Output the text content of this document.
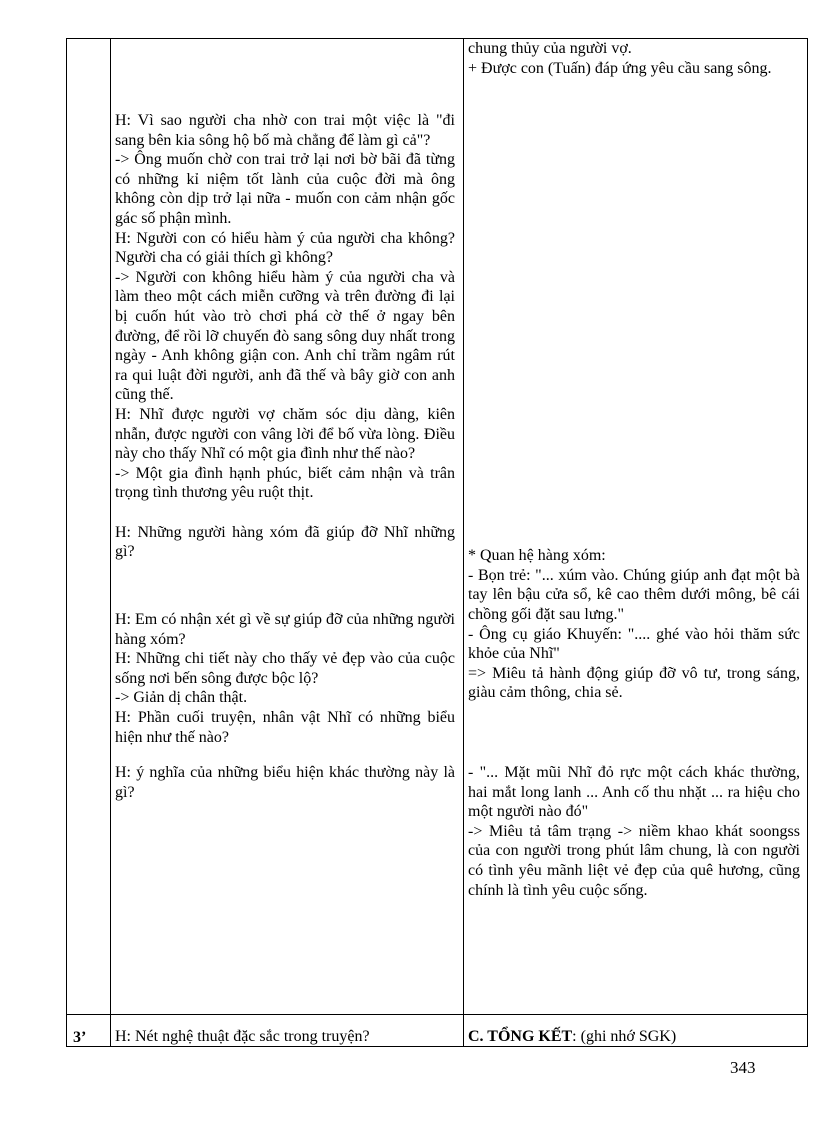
H: Vì sao người cha nhờ con trai một việc là "đi sang bên kia sông hộ bố mà chẳng để làm gì cả"?
-> Ông muốn chờ con trai trở lại nơi bờ bãi đã từng có những kỉ niệm tốt lành của cuộc đời mà ông không còn dịp trở lại nữa - muốn con cảm nhận gốc gác số phận mình.
H: Người con có hiểu hàm ý của người cha không? Người cha có giải thích gì không?
-> Người con không hiểu hàm ý của người cha và làm theo một cách miễn cưỡng và trên đường đi lại bị cuốn hút vào trò chơi phá cờ thế ở ngay bên đường, để rồi lỡ chuyến đò sang sông duy nhất trong ngày - Anh không giận con. Anh chỉ trầm ngâm rút ra qui luật đời người, anh đã thế và bây giờ con anh cũng thế.
H: Nhĩ được người vợ chăm sóc dịu dàng, kiên nhẫn, được người con vâng lời để bố vừa lòng. Điều này cho thấy Nhĩ có một gia đình như thế nào?
-> Một gia đình hạnh phúc, biết cảm nhận và trân trọng tình thương yêu ruột thịt.
H: Những người hàng xóm đã giúp đỡ Nhĩ những gì?
H: Em có nhận xét gì về sự giúp đỡ của những người hàng xóm?
H: Những chi tiết này cho thấy vẻ đẹp vào của cuộc sống nơi bến sông được bộc lộ?
-> Giản dị chân thật.
H: Phần cuối truyện, nhân vật Nhĩ có những biểu hiện như thế nào?
H: ý nghĩa của những biểu hiện khác thường này là gì?
chung thủy của người vợ.
+ Được con (Tuấn) đáp ứng yêu cầu sang sông.
* Quan hệ hàng xóm:
- Bọn trẻ: "... xúm vào. Chúng giúp anh đạt một bà tay lên bậu cửa sổ, kê cao thêm dưới mông, bê cái chồng gối đặt sau lưng."
- Ông cụ giáo Khuyến: ".... ghé vào hỏi thăm sức khỏe của Nhĩ"
=> Miêu tả hành động giúp đỡ vô tư, trong sáng, giàu cảm thông, chia sẻ.
- "... Mặt mũi Nhĩ đỏ rực một cách khác thường, hai mắt long lanh ... Anh cố thu nhặt ... ra hiệu cho một người nào đó"
-> Miêu tả tâm trạng -> niềm khao khát soongss của con người trong phút lâm chung, là con người có tình yêu mãnh liệt vẻ đẹp của quê hương, cũng chính là tình yêu cuộc sống.
3’ H: Nét nghệ thuật đặc sắc trong truyện?	C. TỔNG KẾT: (ghi nhớ SGK)
343
